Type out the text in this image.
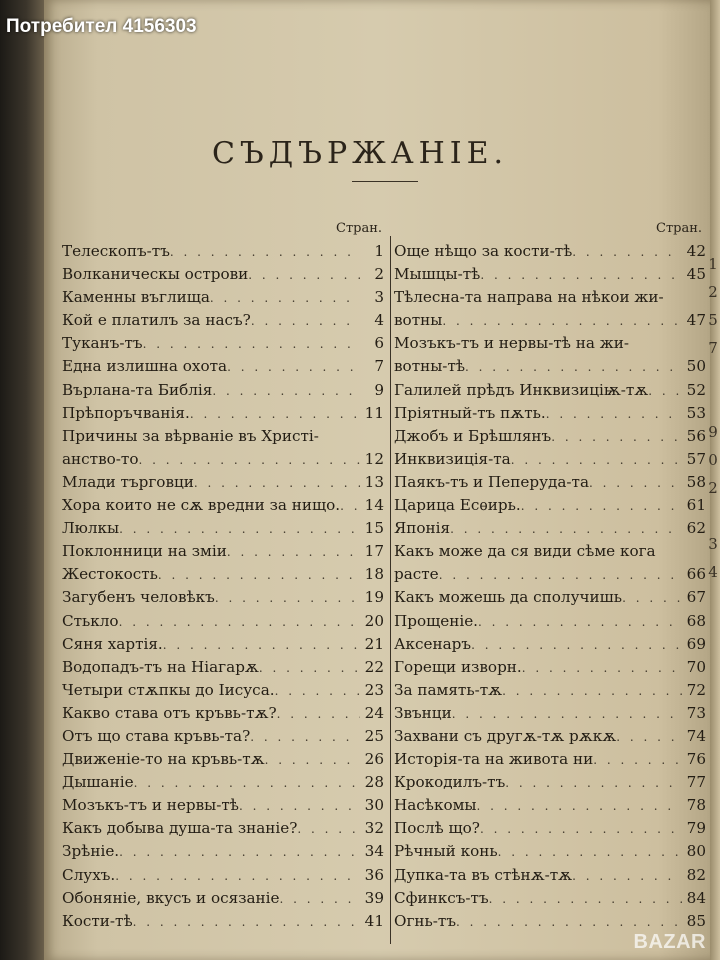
1
2
5
7

9
0
2

3
4
Потребител 4156303
СЪДЪРЖАНIЕ.
Стран.	Стран.
Телескопъ-тъ . . .	1
Волканическы острови . . .	2
Каменны въглища . . .	3
Кой е платилъ за насъ? . . .	4
Туканъ-тъ . . .	6
Една излишна охота . . .	7
Върлана-та Библiя . . .	9
Прѣпоръчванiя. . . .	11
Причины за вѣрванiе въ Христi-
анство-то . . .	12
Млади търговци . . .	13
Хора които не сѫ вредни за нищо. . . .	14
Люлкы . . .	15
Поклонници на змiи . . .	17
Жестокость . . .	18
Загубенъ человѣкъ . . .	19
Стькло . . .	20
Сяня хартiя. . . .	21
Водопадъ-тъ на Нiагарѫ . . .	22
Четыри стѫпкы до Iисуса. . . .	23
Какво става отъ кръвь-тѫ? . . .	24
Отъ що става кръвь-та? . . .	25
Движенiе-то на кръвь-тѫ . . .	26
Дышанiе . . .	28
Мозъкъ-тъ и нервы-тѣ . . .	30
Какъ добыва душа-та знанiе? . . .	32
Зрѣнiе. . . .	34
Слухъ. . . .	36
Обонянiе, вкусъ и осязанiе . . .	39
Кости-тѣ . . .	41
Още нѣщо за кости-тѣ . . .	42
Мышцы-тѣ . . .	45
Тѣлесна-та направа на нѣкои жи-
вотны . . .	47
Мозъкъ-тъ и нервы-тѣ на жи-
вотны-тѣ . . .	50
Галилей прѣдъ Инквизицiѭ-тѫ . . .	52
Прiятный-тъ пѫть. . . .	53
Джобъ и Брѣшлянъ . . .	56
Инквизицiя-та . . .	57
Паякъ-тъ и Пеперуда-та . . .	58
Царица Есѳирь. . . .	61
Японiя . . .	62
Какъ може да ся види сѣме кога
расте . . .	66
Какъ можешь да сполучишь . . .	67
Прощенiе. . . .	68
Аксенаръ . . .	69
Горещи изворн. . . .	70
За память-тѫ . . .	72
Звънци . . .	73
Захвани съ другѫ-тѫ рѫкѫ . . .	74
Исторiя-та на живота ни . . .	76
Крокодилъ-тъ . . .	77
Насѣкомы . . .	78
Послѣ що? . . .	79
Рѣчный конь . . .	80
Дупка-та въ стѣнѫ-тѫ . . .	82
Сфинксъ-тъ . . .	84
Огнь-тъ . . .	85
BAZAR
